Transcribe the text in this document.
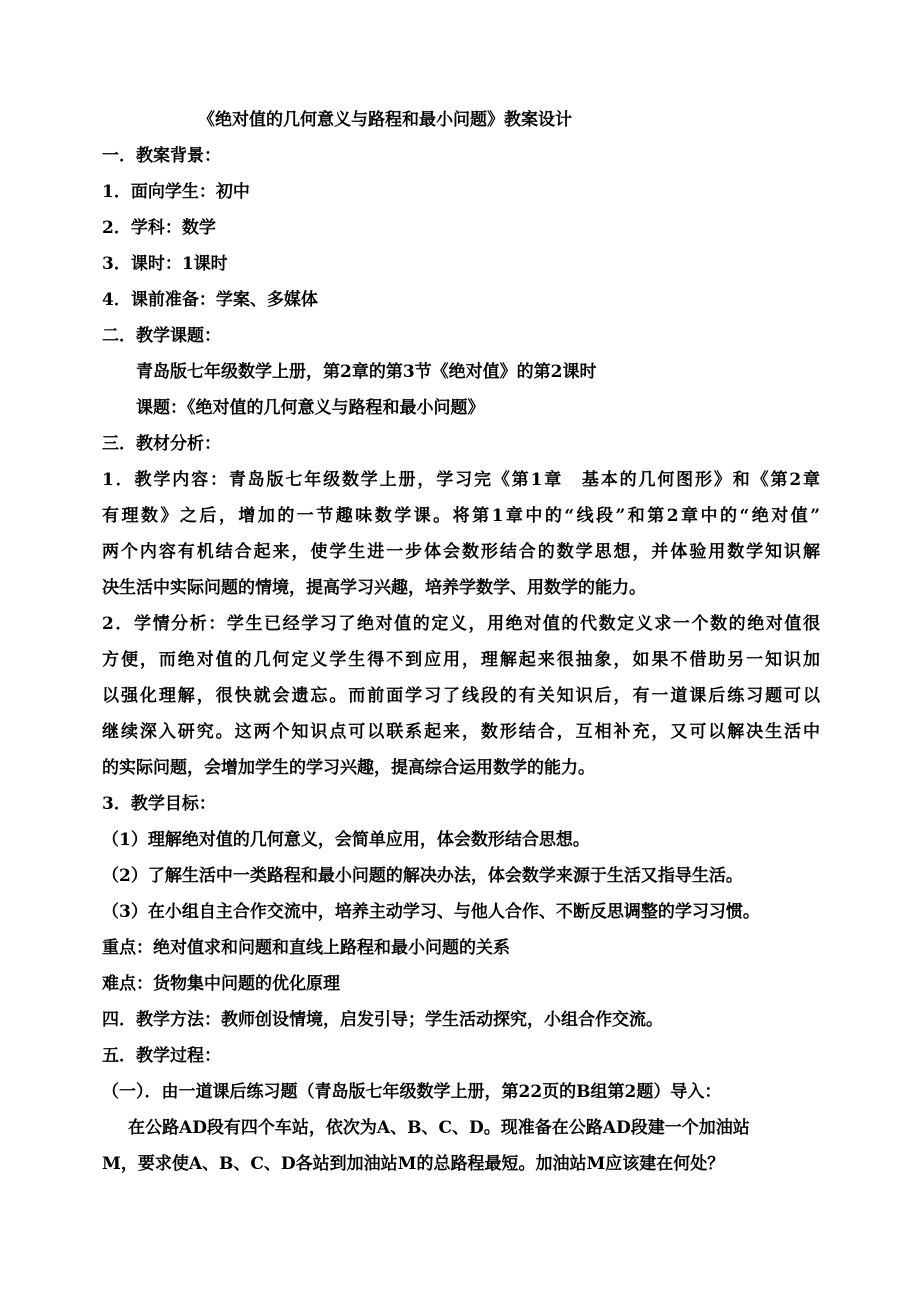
《绝对值的几何意义与路程和最小问题》教案设计
一．教案背景：
1．面向学生：初中
2．学科：数学
3．课时：1课时
4．课前准备：学案、多媒体
二．教学课题：
青岛版七年级数学上册，第2章的第3节《绝对值》的第2课时
课题：《绝对值的几何意义与路程和最小问题》
三．教材分析：
1．教学内容：青岛版七年级数学上册，学习完《第1章　基本的几何图形》和《第2章
有理数》之后，增加的一节趣味数学课。将第1章中的“线段”和第2章中的“绝对值”
两个内容有机结合起来，使学生进一步体会数形结合的数学思想，并体验用数学知识解
决生活中实际问题的情境，提高学习兴趣，培养学数学、用数学的能力。
2．学情分析：学生已经学习了绝对值的定义，用绝对值的代数定义求一个数的绝对值很
方便，而绝对值的几何定义学生得不到应用，理解起来很抽象，如果不借助另一知识加
以强化理解，很快就会遗忘。而前面学习了线段的有关知识后，有一道课后练习题可以
继续深入研究。这两个知识点可以联系起来，数形结合，互相补充，又可以解决生活中
的实际问题，会增加学生的学习兴趣，提高综合运用数学的能力。
3．教学目标：
（1）理解绝对值的几何意义，会简单应用，体会数形结合思想。
（2）了解生活中一类路程和最小问题的解决办法，体会数学来源于生活又指导生活。
（3）在小组自主合作交流中，培养主动学习、与他人合作、不断反思调整的学习习惯。
重点：绝对值求和问题和直线上路程和最小问题的关系
难点：货物集中问题的优化原理
四．教学方法：教师创设情境，启发引导；学生活动探究，小组合作交流。
五．教学过程：
（一）．由一道课后练习题（青岛版七年级数学上册，第22页的B组第2题）导入：
在公路AD段有四个车站，依次为A、B、C、D。现准备在公路AD段建一个加油站
M，要求使A、B、C、D各站到加油站M的总路程最短。加油站M应该建在何处？
